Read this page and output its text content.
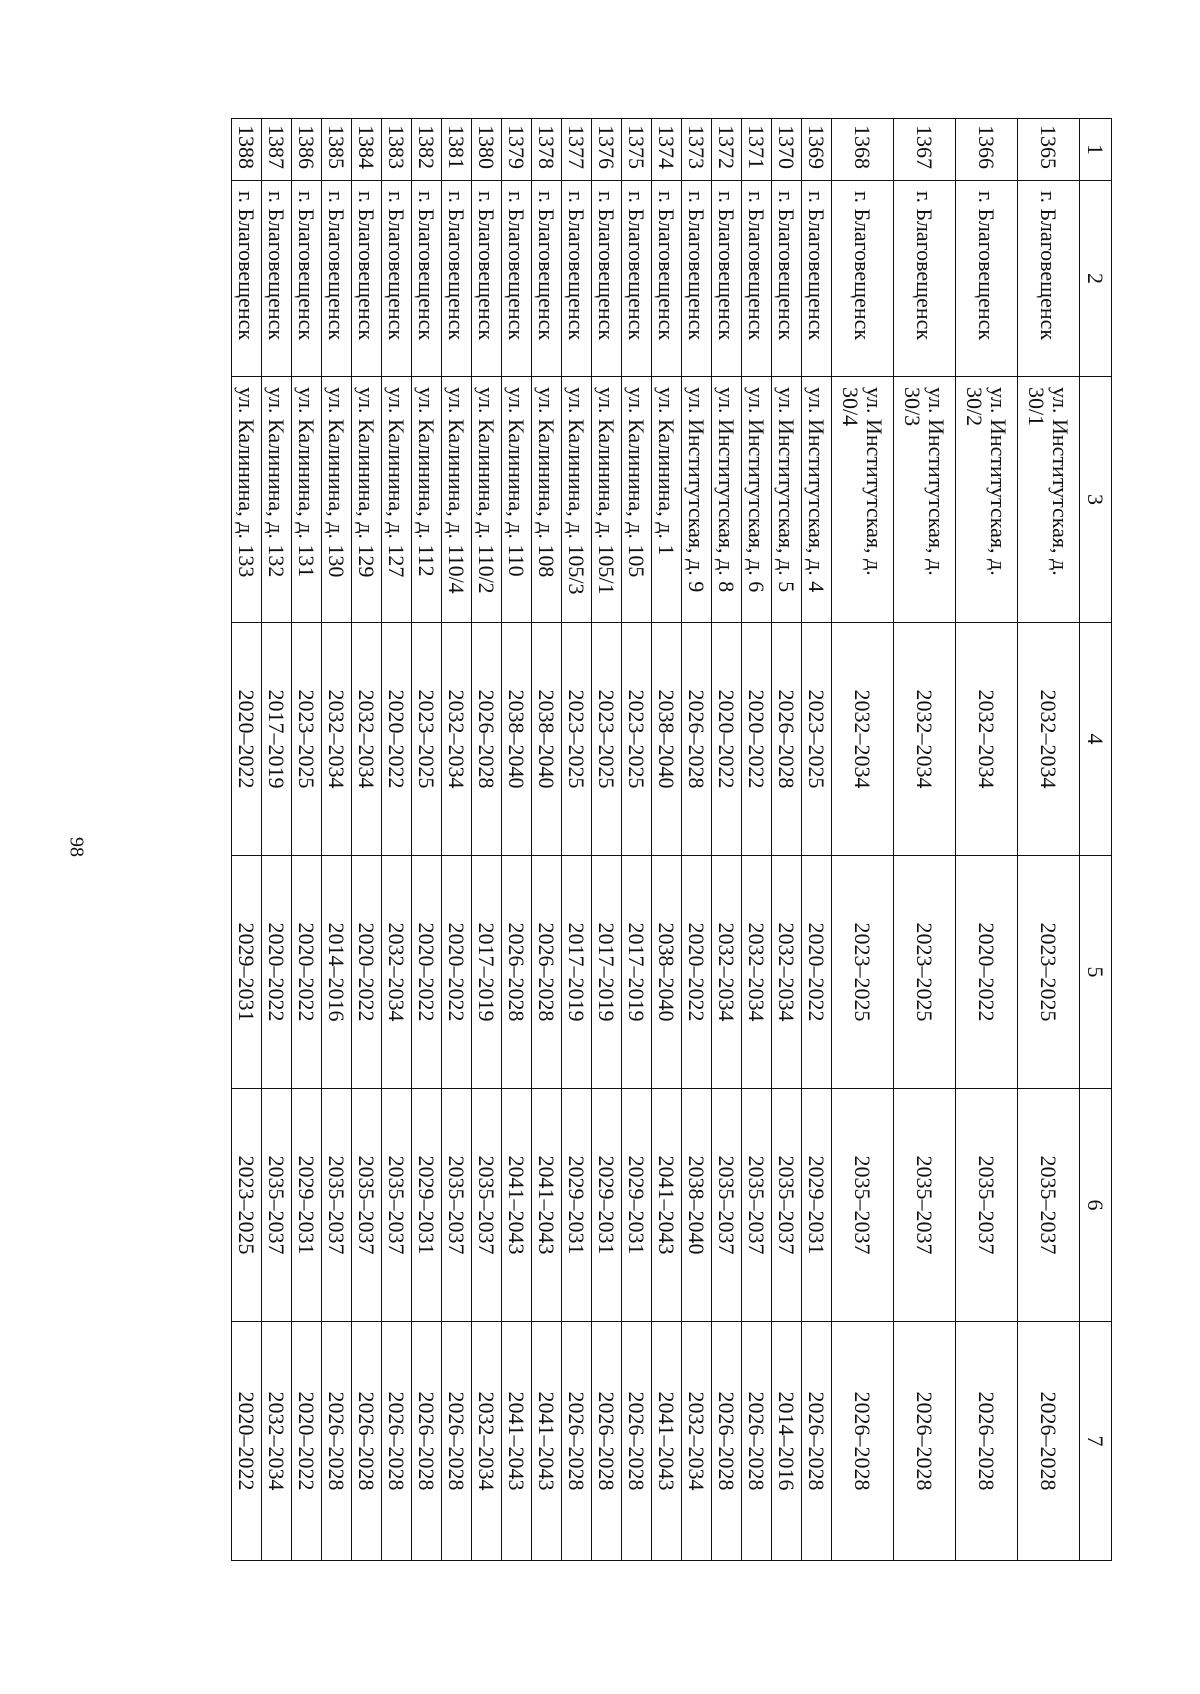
98
1	2	3	4	5	6	7
1365	г. Благовещенск	ул. Институтская, д. 30/1	2032–2034	2023–2025	2035–2037	2026–2028
1366	г. Благовещенск	ул. Институтская, д. 30/2	2032–2034	2020–2022	2035–2037	2026–2028
1367	г. Благовещенск	ул. Институтская, д. 30/3	2032–2034	2023–2025	2035–2037	2026–2028
1368	г. Благовещенск	ул. Институтская, д. 30/4	2032–2034	2023–2025	2035–2037	2026–2028
1369	г. Благовещенск	ул. Институтская, д. 4	2023–2025	2020–2022	2029–2031	2026–2028
1370	г. Благовещенск	ул. Институтская, д. 5	2026–2028	2032–2034	2035–2037	2014–2016
1371	г. Благовещенск	ул. Институтская, д. 6	2020–2022	2032–2034	2035–2037	2026–2028
1372	г. Благовещенск	ул. Институтская, д. 8	2020–2022	2032–2034	2035–2037	2026–2028
1373	г. Благовещенск	ул. Институтская, д. 9	2026–2028	2020–2022	2038–2040	2032–2034
1374	г. Благовещенск	ул. Калинина, д. 1	2038–2040	2038–2040	2041–2043	2041–2043
1375	г. Благовещенск	ул. Калинина, д. 105	2023–2025	2017–2019	2029–2031	2026–2028
1376	г. Благовещенск	ул. Калинина, д. 105/1	2023–2025	2017–2019	2029–2031	2026–2028
1377	г. Благовещенск	ул. Калинина, д. 105/3	2023–2025	2017–2019	2029–2031	2026–2028
1378	г. Благовещенск	ул. Калинина, д. 108	2038–2040	2026–2028	2041–2043	2041–2043
1379	г. Благовещенск	ул. Калинина, д. 110	2038–2040	2026–2028	2041–2043	2041–2043
1380	г. Благовещенск	ул. Калинина, д. 110/2	2026–2028	2017–2019	2035–2037	2032–2034
1381	г. Благовещенск	ул. Калинина, д. 110/4	2032–2034	2020–2022	2035–2037	2026–2028
1382	г. Благовещенск	ул. Калинина, д. 112	2023–2025	2020–2022	2029–2031	2026–2028
1383	г. Благовещенск	ул. Калинина, д. 127	2020–2022	2032–2034	2035–2037	2026–2028
1384	г. Благовещенск	ул. Калинина, д. 129	2032–2034	2020–2022	2035–2037	2026–2028
1385	г. Благовещенск	ул. Калинина, д. 130	2032–2034	2014–2016	2035–2037	2026–2028
1386	г. Благовещенск	ул. Калинина, д. 131	2023–2025	2020–2022	2029–2031	2020–2022
1387	г. Благовещенск	ул. Калинина, д. 132	2017–2019	2020–2022	2035–2037	2032–2034
1388	г. Благовещенск	ул. Калинина, д. 133	2020–2022	2029–2031	2023–2025	2020–2022
